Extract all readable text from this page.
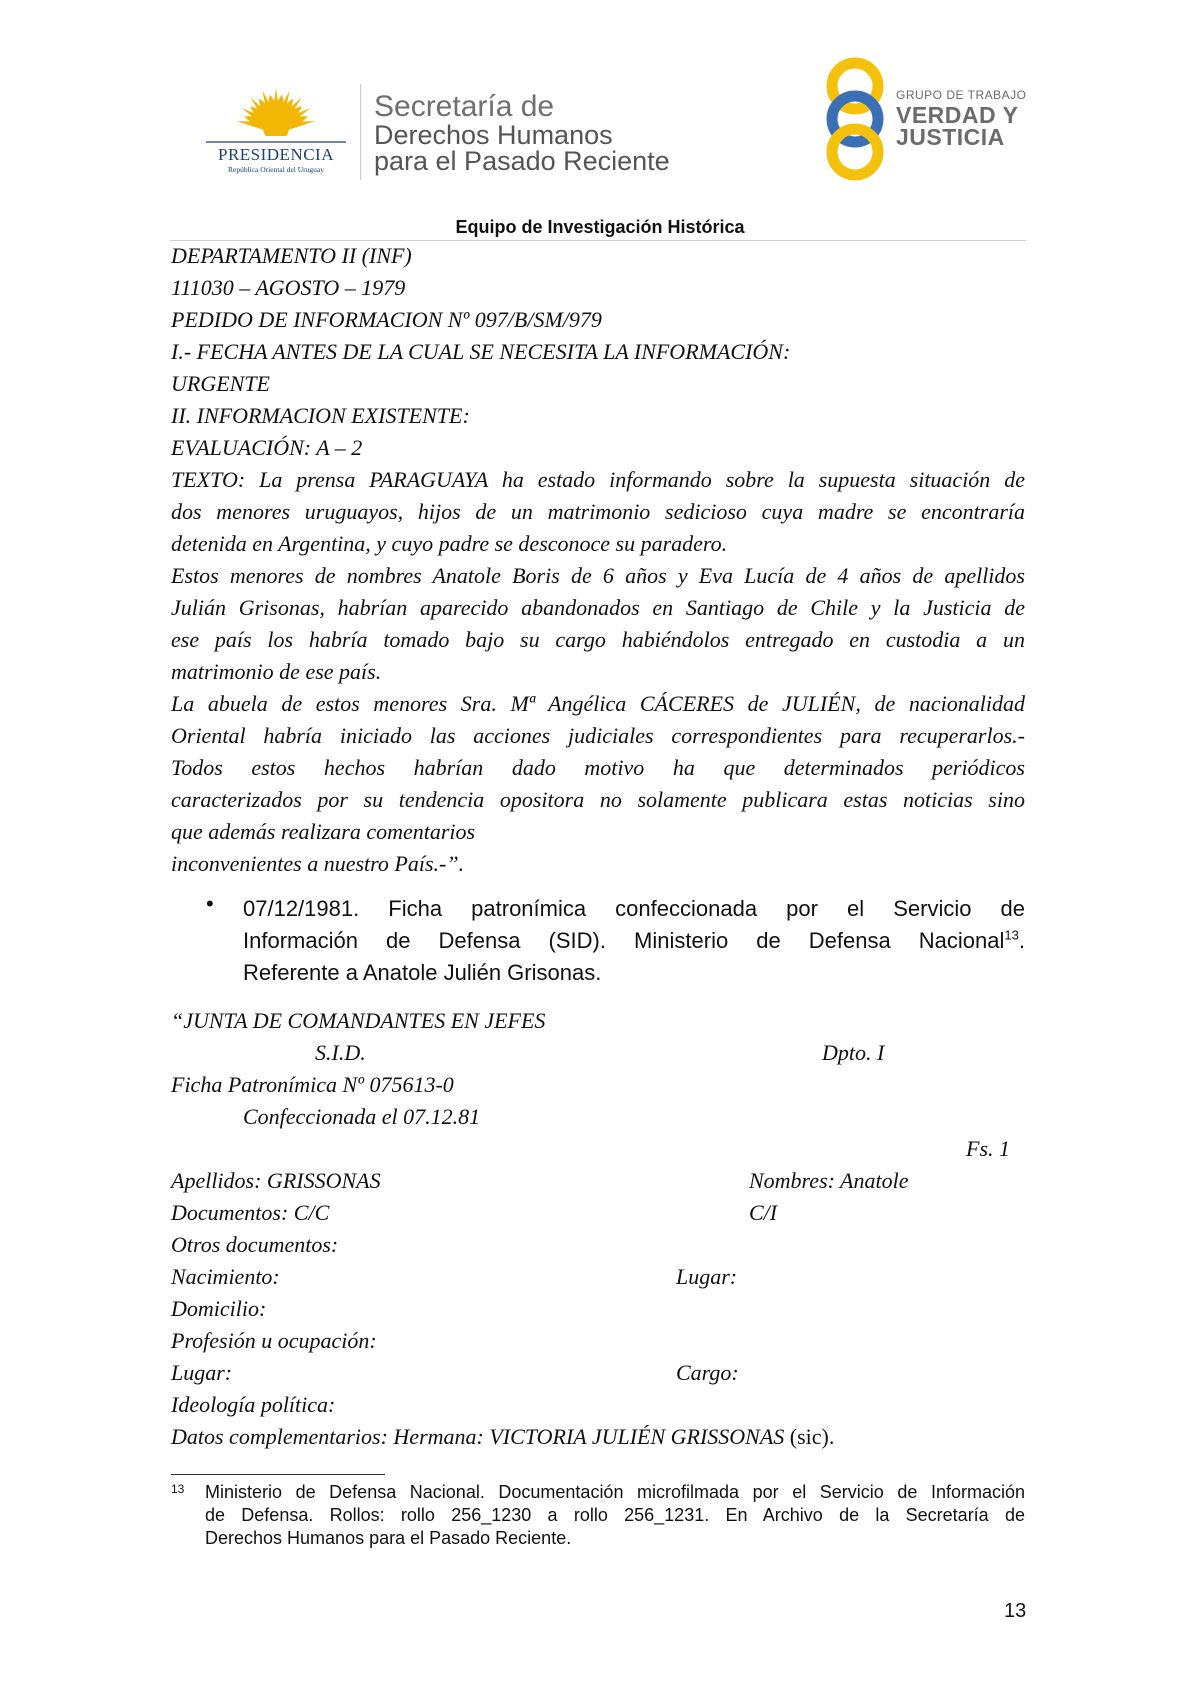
PRESIDENCIA
República Oriental del Uruguay
Secretaría de
Derechos Humanos
para el Pasado Reciente
GRUPO DE TRABAJO
VERDAD Y
JUSTICIA
Equipo de Investigación Histórica
DEPARTAMENTO II (INF)
111030 – AGOSTO – 1979
PEDIDO DE INFORMACION Nº 097/B/SM/979
I.- FECHA ANTES DE LA CUAL SE NECESITA LA INFORMACIÓN:
URGENTE
II. INFORMACION EXISTENTE:
EVALUACIÓN: A – 2
TEXTO: La prensa PARAGUAYA ha estado informando sobre la supuesta situación de
dos menores uruguayos, hijos de un matrimonio sedicioso cuya madre se encontraría
detenida en Argentina, y cuyo padre se desconoce su paradero.
Estos menores de nombres Anatole Boris de 6 años y Eva Lucía de 4 años de apellidos
Julián Grisonas, habrían aparecido abandonados en Santiago de Chile y la Justicia de
ese país los habría tomado bajo su cargo habiéndolos entregado en custodia a un
matrimonio de ese país.
La abuela de estos menores Sra. Mª Angélica CÁCERES de JULIÉN, de nacionalidad
Oriental habría iniciado las acciones judiciales correspondientes para recuperarlos.-
Todos estos hechos habrían dado motivo ha que determinados periódicos
caracterizados por su tendencia opositora no solamente publicara estas noticias sino
que además realizara comentarios
inconvenientes a nuestro País.-”.
• 07/12/1981. Ficha patronímica confeccionada por el Servicio de
Información de Defensa (SID). Ministerio de Defensa Nacional$^{13}$.
Referente a Anatole Julién Grisonas.
“JUNTA DE COMANDANTES EN JEFES
S.I.D.	Dpto. I
Ficha Patronímica Nº 075613-0
Confeccionada el 07.12.81
Fs. 1
Apellidos: GRISSONAS	Nombres: Anatole
Documentos: C/C	C/I
Otros documentos:
Nacimiento:	Lugar:
Domicilio:
Profesión u ocupación:
Lugar:	Cargo:
Ideología política:
Datos complementarios: Hermana: VICTORIA JULIÉN GRISSONAS (sic).
13 Ministerio de Defensa Nacional. Documentación microfilmada por el Servicio de Información
de Defensa. Rollos: rollo 256_1230 a rollo 256_1231. En Archivo de la Secretaría de
Derechos Humanos para el Pasado Reciente.
13
